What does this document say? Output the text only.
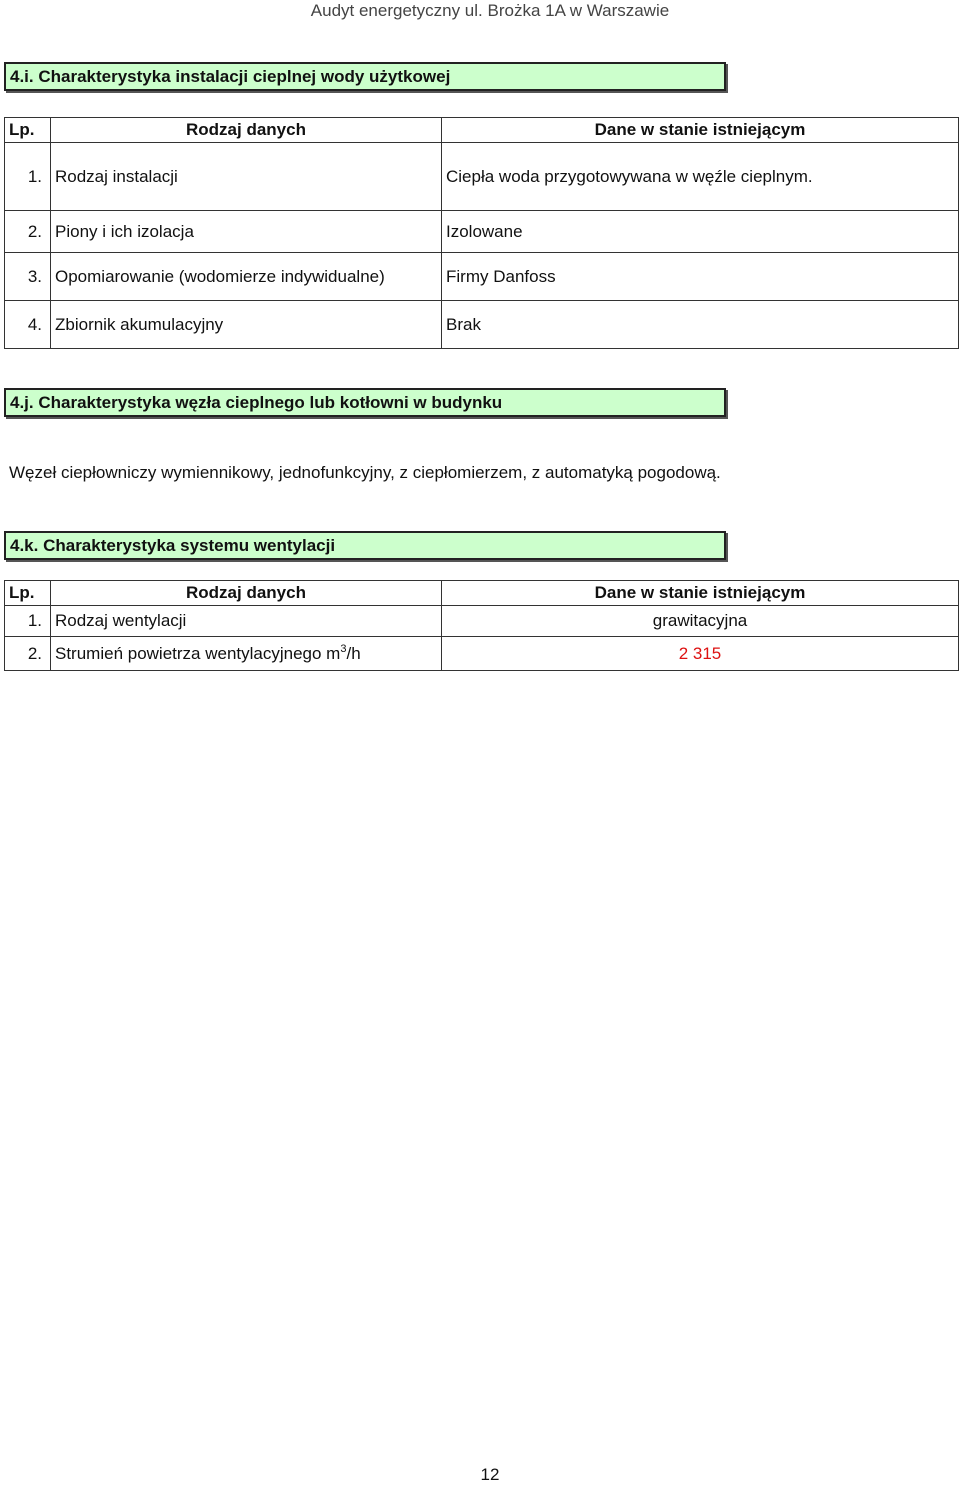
Audyt energetyczny ul. Brożka 1A w Warszawie
4.i. Charakterystyka instalacji cieplnej wody użytkowej
Lp.	Rodzaj danych	Dane w stanie istniejącym
1.	Rodzaj instalacji	Ciepła woda przygotowywana w węźle cieplnym.
2.	Piony i ich izolacja	Izolowane
3.	Opomiarowanie (wodomierze indywidualne)	Firmy Danfoss
4.	Zbiornik akumulacyjny	Brak
4.j. Charakterystyka węzła cieplnego lub kotłowni w budynku
Węzeł ciepłowniczy wymiennikowy, jednofunkcyjny, z ciepłomierzem, z automatyką pogodową.
4.k. Charakterystyka systemu wentylacji
Lp.	Rodzaj danych	Dane w stanie istniejącym
1.	Rodzaj wentylacji	grawitacyjna
2.	Strumień powietrza wentylacyjnego $m^3/h$	2 315
12
